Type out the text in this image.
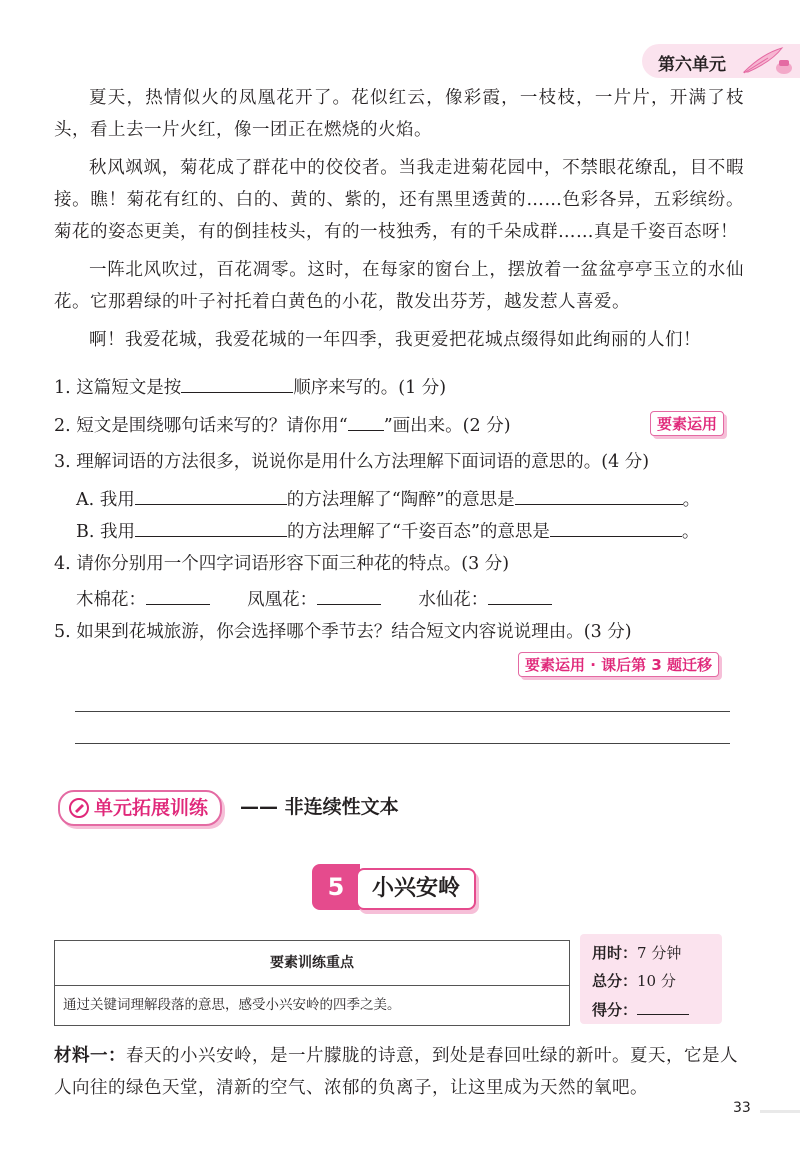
第六单元
夏天，热情似火的凤凰花开了。花似红云，像彩霞，一枝枝，一片片，开满了枝头，看上去一片火红，像一团正在燃烧的火焰。
秋风飒飒，菊花成了群花中的佼佼者。当我走进菊花园中，不禁眼花缭乱，目不暇接。瞧！菊花有红的、白的、黄的、紫的，还有黑里透黄的……色彩各异，五彩缤纷。菊花的姿态更美，有的倒挂枝头，有的一枝独秀，有的千朵成群……真是千姿百态呀！
一阵北风吹过，百花凋零。这时，在每家的窗台上，摆放着一盆盆亭亭玉立的水仙花。它那碧绿的叶子衬托着白黄色的小花，散发出芬芳，越发惹人喜爱。
啊！我爱花城，我爱花城的一年四季，我更爱把花城点缀得如此绚丽的人们！
1. 这篇短文是按	顺序来写的。(1 分)
2. 短文是围绕哪句话来写的？请你用“ ”画出来。(2 分)	要素运用
3. 理解词语的方法很多，说说你是用什么方法理解下面词语的意思的。(4 分)
A. 我用	的方法理解了“陶醉”的意思是	。
B. 我用	的方法理解了“千姿百态”的意思是	。
4. 请你分别用一个四字词语形容下面三种花的特点。(3 分)
木棉花：	凤凰花：	水仙花：
5. 如果到花城旅游，你会选择哪个季节去？结合短文内容说说理由。(3 分)
要素运用 · 课后第 3 题迁移
单元拓展训练	—— 非连续性文本
5	小兴安岭
要素训练重点
通过关键词理解段落的意思，感受小兴安岭的四季之美。
用时：7 分钟
总分：10 分
得分：
材料一：春天的小兴安岭，是一片朦胧的诗意，到处是春回吐绿的新叶。夏天，它是人人向往的绿色天堂，清新的空气、浓郁的负离子，让这里成为天然的氧吧。
33
